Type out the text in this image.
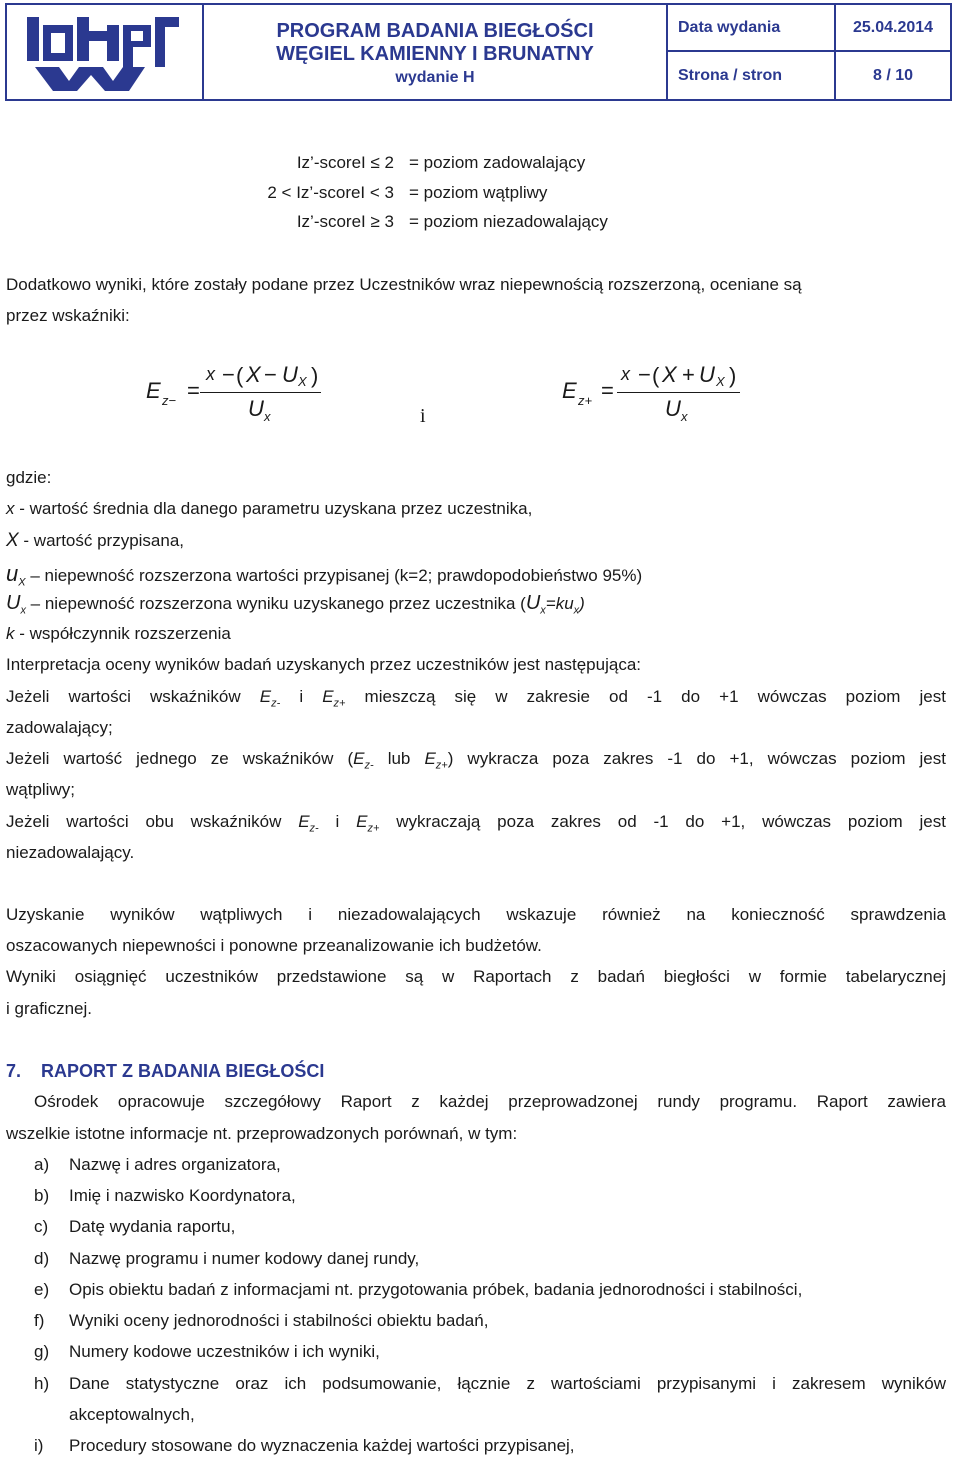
PROGRAM BADANIA BIEGŁOŚCI
WĘGIEL KAMIENNY I BRUNATNY
wydanie H
Data wydania	25.04.2014
Strona / stron	8 / 10
Iz’-scoreI ≤ 2 = poziom zadowalający
2 < Iz’-scoreI < 3 = poziom wątpliwy
Iz’-scoreI ≥ 3 = poziom niezadowalający
Dodatkowo wyniki, które zostały podane przez Uczestników wraz niepewnością rozszerzoną, oceniane są
przez wskaźniki:
E z− =
x − ( X − U X )
U x	i
E z+ =
x − ( X + U X )
U x
gdzie:
x - wartość średnia dla danego parametru uzyskana przez uczestnika,
X - wartość przypisana,
$u_X$ – niepewność rozszerzona wartości przypisanej (k=2; prawdopodobieństwo 95%)
$U_x$ – niepewność rozszerzona wyniku uzyskanego przez uczestnika $(U_x=ku_x)$
k - współczynnik rozszerzenia
Interpretacja oceny wyników badań uzyskanych przez uczestników jest następująca:
Jeżeli wartości wskaźników $E_{z-}$ i $E_{z+}$ mieszczą się w zakresie od -1 do +1 wówczas poziom jest
zadowalający;
Jeżeli wartość jednego ze wskaźników ($E_{z-}$ lub $E_{z+}$) wykracza poza zakres -1 do +1, wówczas poziom jest
wątpliwy;
Jeżeli wartości obu wskaźników $E_{z-}$ i $E_{z+}$ wykraczają poza zakres od -1 do +1, wówczas poziom jest
niezadowalający.
Uzyskanie wyników wątpliwych i niezadowalających wskazuje również na konieczność sprawdzenia
oszacowanych niepewności i ponowne przeanalizowanie ich budżetów.
Wyniki osiągnięć uczestników przedstawione są w Raportach z badań biegłości w formie tabelarycznej
i graficznej.
7. RAPORT Z BADANIA BIEGŁOŚCI
Ośrodek opracowuje szczegółowy Raport z każdej przeprowadzonej rundy programu. Raport zawiera
wszelkie istotne informacje nt. przeprowadzonych porównań, w tym:
a) Nazwę i adres organizatora,
b) Imię i nazwisko Koordynatora,
c) Datę wydania raportu,
d) Nazwę programu i numer kodowy danej rundy,
e) Opis obiektu badań z informacjami nt. przygotowania próbek, badania jednorodności i stabilności,
f) Wyniki oceny jednorodności i stabilności obiektu badań,
g) Numery kodowe uczestników i ich wyniki,
h) Dane statystyczne oraz ich podsumowanie, łącznie z wartościami przypisanymi i zakresem wyników
akceptowalnych,
i) Procedury stosowane do wyznaczenia każdej wartości przypisanej,
